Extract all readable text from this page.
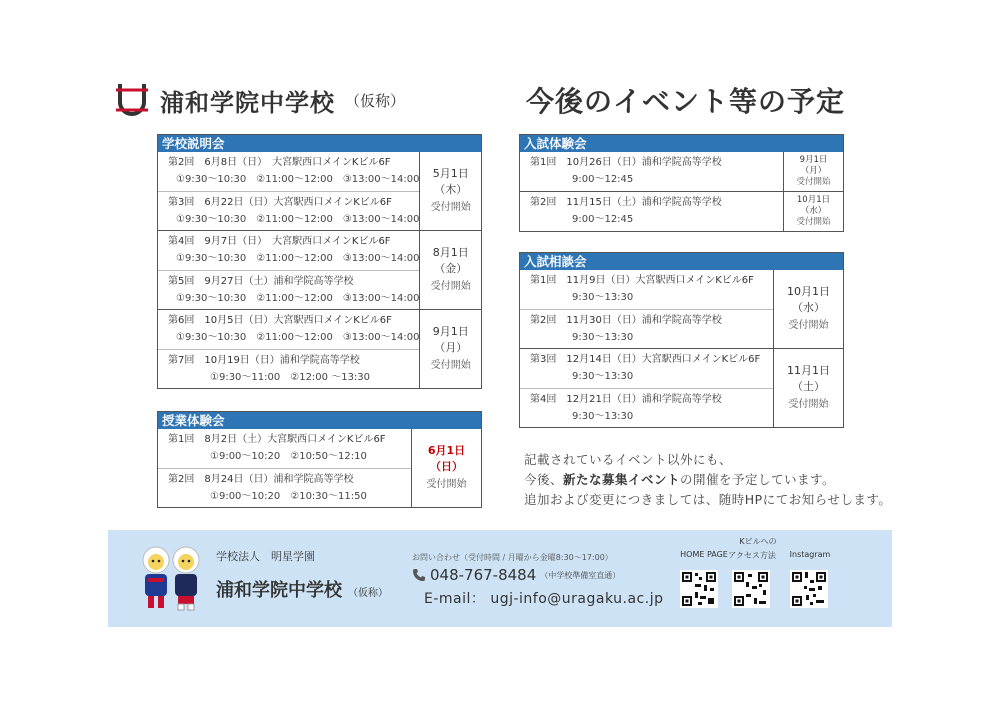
浦和学院中学校 （仮称）	今後のイベント等の予定
学校説明会
第2回　6月8日（日）　大宮駅西口メインKビル6F
①9:30～10:30　②11:00～12:00　③13:00～14:00
第3回　6月22日（日）大宮駅西口メインKビル6F
①9:30～10:30　②11:00～12:00　③13:00～14:00
5月1日
（木）
受付開始
第4回　9月7日（日）　大宮駅西口メインKビル6F
①9:30～10:30　②11:00～12:00　③13:00～14:00
第5回　9月27日（土）浦和学院高等学校
①9:30～10:30　②11:00～12:00　③13:00～14:00
8月1日
（金）
受付開始
第6回　10月5日（日）大宮駅西口メインKビル6F
①9:30～10:30　②11:00～12:00　③13:00～14:00
第7回　10月19日（日）浦和学院高等学校
①9:30～11:00　②12:00 ～13:30
9月1日
（月）
受付開始
授業体験会
第1回　8月2日（土）大宮駅西口メインKビル6F
①9:00～10:20　②10:50～12:10
第2回　8月24日（日）浦和学院高等学校
①9:00～10:20　②10:30～11:50
6月1日
（日）
受付開始
入試体験会
第1回　10月26日（日）浦和学院高等学校
9:00～12:45
9月1日
（月）
受付開始
第2回　11月15日（土）浦和学院高等学校
9:00～12:45
10月1日
（水）
受付開始
入試相談会
第1回　11月9日（日）大宮駅西口メインKビル6F
9:30～13:30
第2回　11月30日（日）浦和学院高等学校
9:30～13:30
10月1日
（水）
受付開始
第3回　12月14日（日）大宮駅西口メインKビル6F
9:30～13:30
第4回　12月21日（日）浦和学院高等学校
9:30～13:30
11月1日
（土）
受付開始
記載されているイベント以外にも、
今後、新たな募集イベントの開催を予定しています。
追加および変更につきましては、随時HPにてお知らせします。
学校法人　明星学園
浦和学院中学校 （仮称）
お問い合わせ（受付時間 / 月曜から金曜8:30～17:00）
048-767-8484 （中学校準備室直通）
E-mail： ugj-info@uragaku.ac.jp
HOME PAGE
Kビルへの
アクセス方法	Instagram
